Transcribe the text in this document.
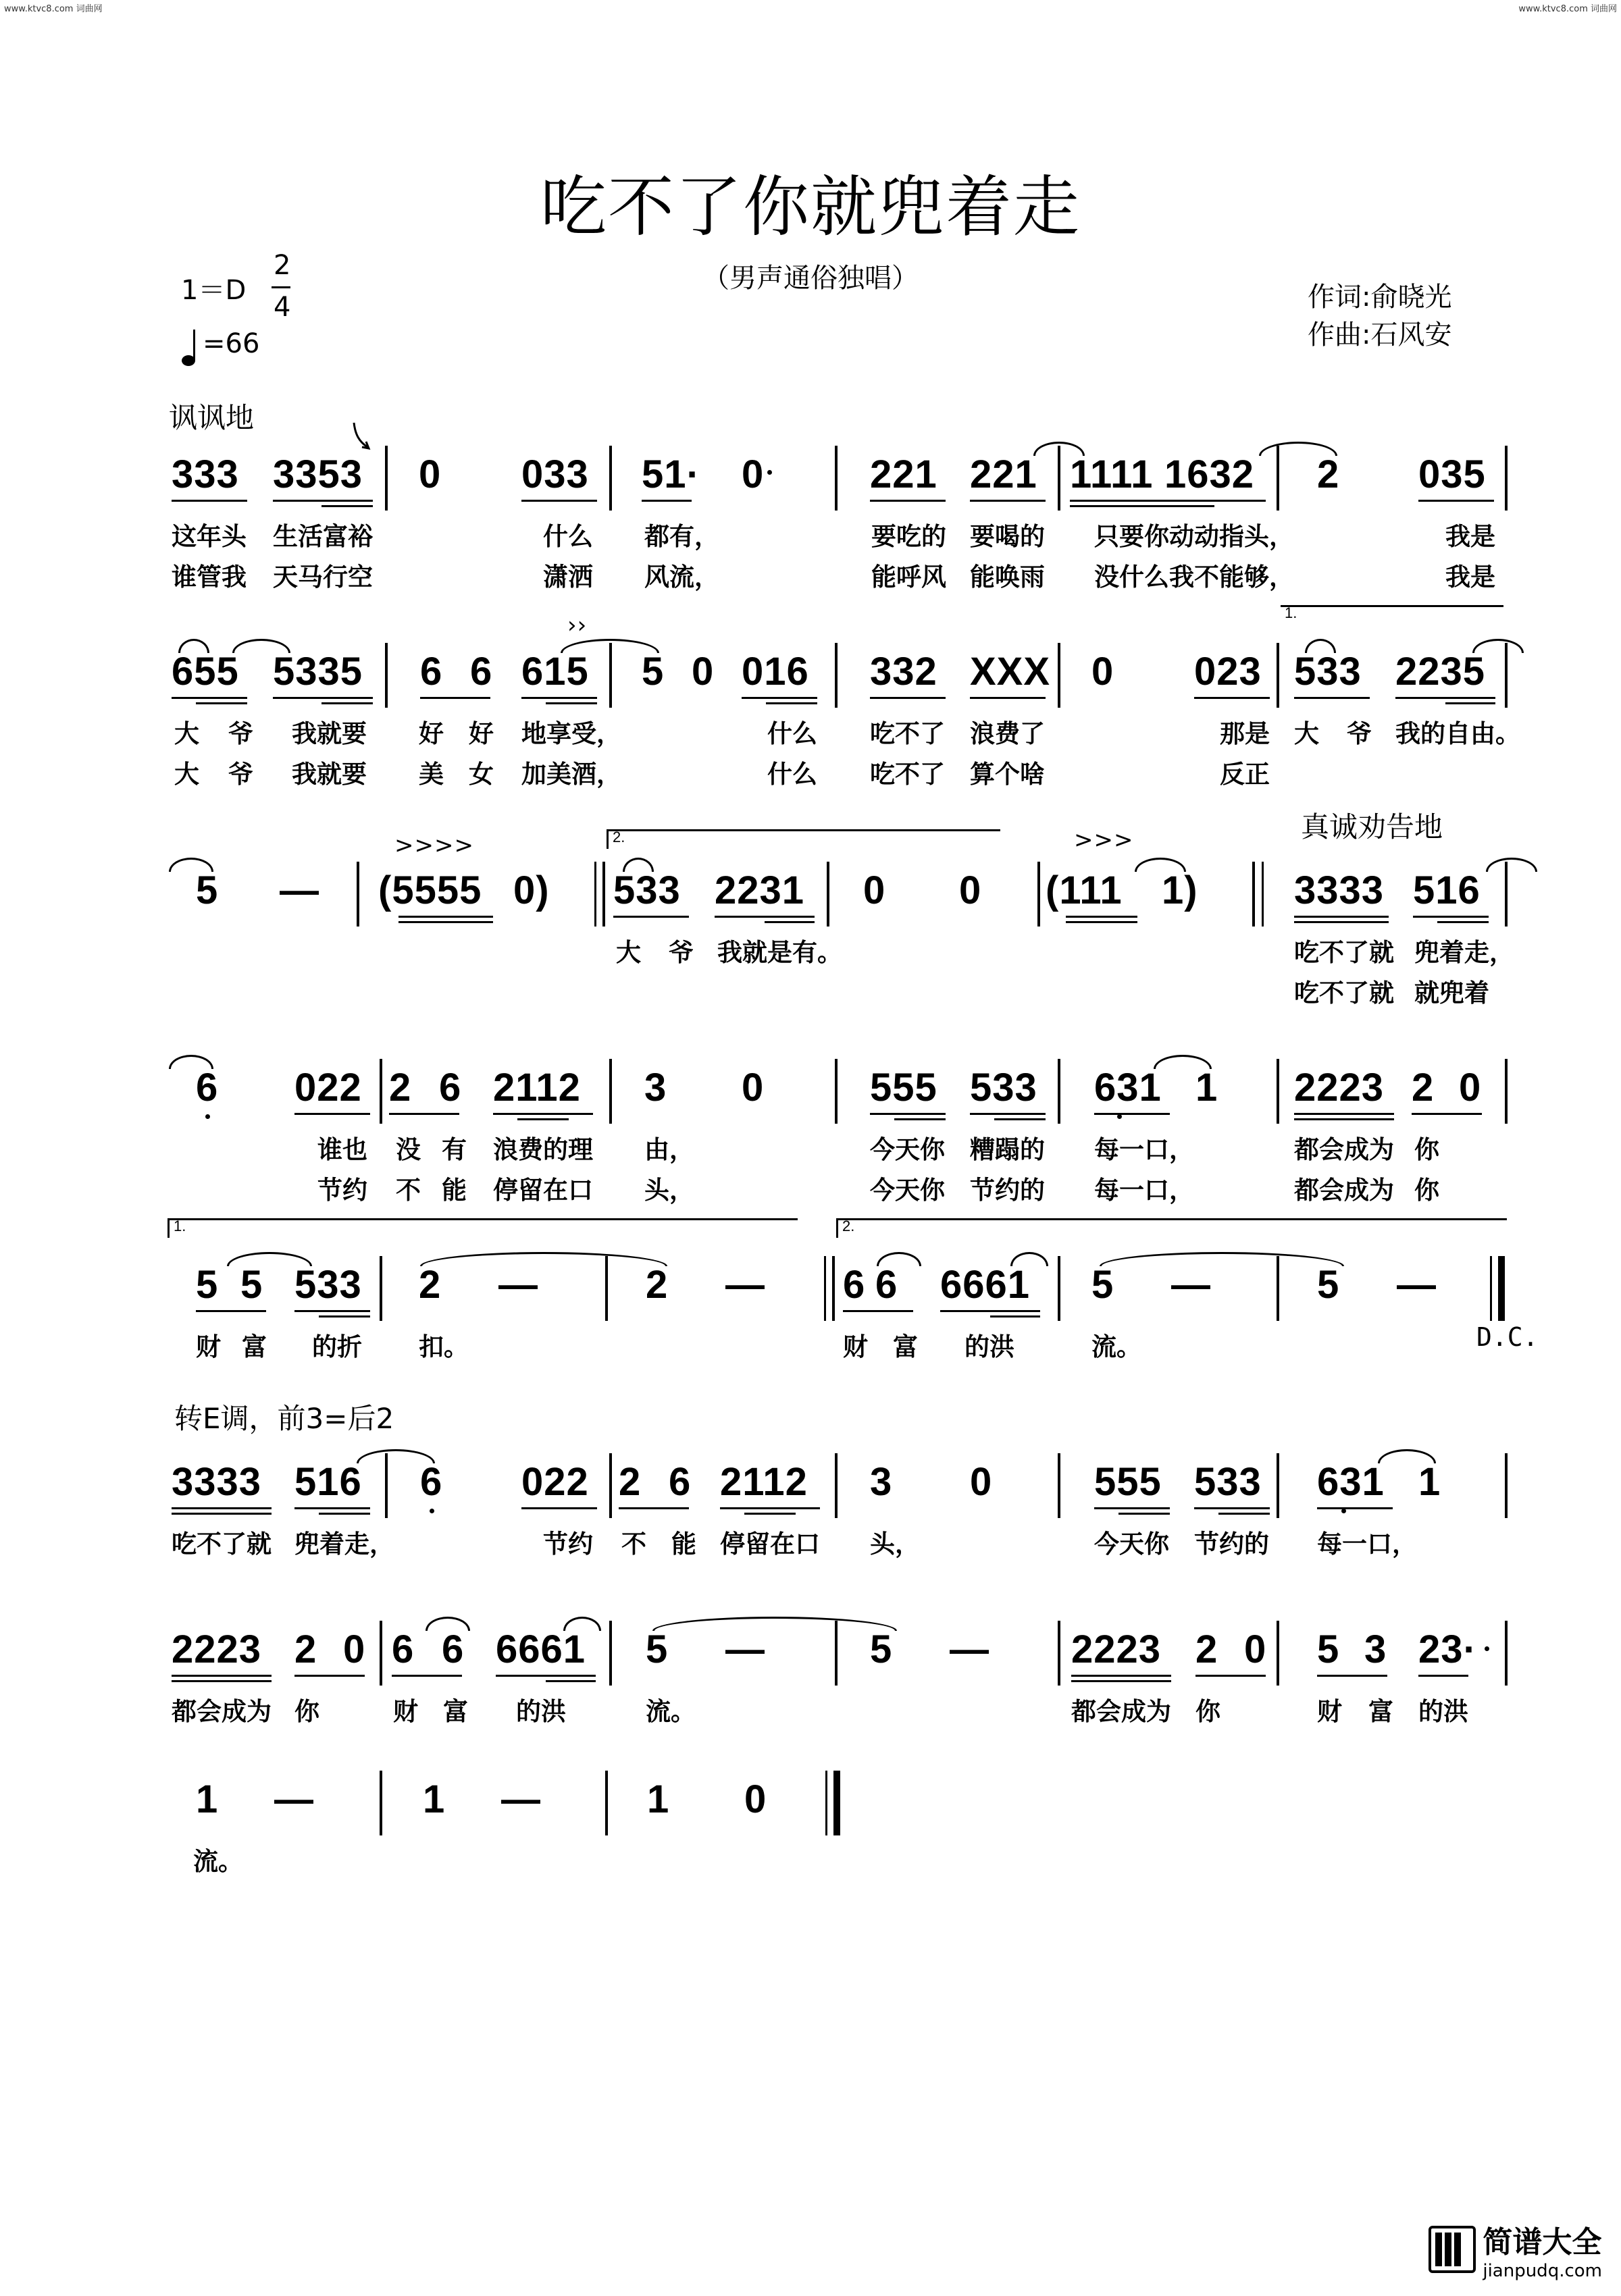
www.ktvc8.com 词曲网	www.ktvc8.com 词曲网
吃不了你就兜着走
（男声通俗独唱）
作词:俞晓光
作曲:石风安
1＝D
2
4
=66
讽讽地
真诚劝告地
转E调，前3=后2
D.C.
>>>>	>>>
››
333 3353 0 033 51· 0	221 221 1111 1632 2 035
这年头 生活富裕	什么 都有，	要吃的 要喝的 只要你动动指头，	我是
谁管我 天马行空	潇洒 风流，	能呼风 能唤雨 没什么我不能够，	我是
655 5335 6 6 615 5 0 016 332 XXX 0 023
1.
533 2235
大 爷 我就要 好 好 地享受，	什么 吃不了 浪费了	那是 大 爷 我的自由。
大 爷 我就要 美 女 加美酒，	什么 吃不了 算个啥	反正
5 — (5555 0)
2.
533 2231 0 0 (111 1) 3333 516
大 爷 我就是有。	吃不了就 兜着走，
吃不了就 就兜着
6 022 2 6 2112 3 0	555 533 631 1 2223 2 0
谁也 没 有 浪费的理 由，	今天你 糟蹋的 每一口，	都会成为 你
节约 不 能 停留在口 头，	今天你 节约的 每一口，	都会成为 你
1.
5 5 533 2 —	2 —
2.
6 6 6661 5 —	5 —
财 富 的折 扣。	财 富 的洪	流。
3333 516 6 022 2 6 2112 3 0	555 533 631 1
吃不了就 兜着走，	节约 不 能 停留在口 头，	今天你 节约的 每一口，
2223 2 0 6 6 6661 5 —	5 — 2223 2 0 5 3 23·
都会成为 你	财 富 的洪	流。	都会成为 你	财 富 的洪
1 —	1 —	1 0
流。
简谱大全
jianpudq.com
